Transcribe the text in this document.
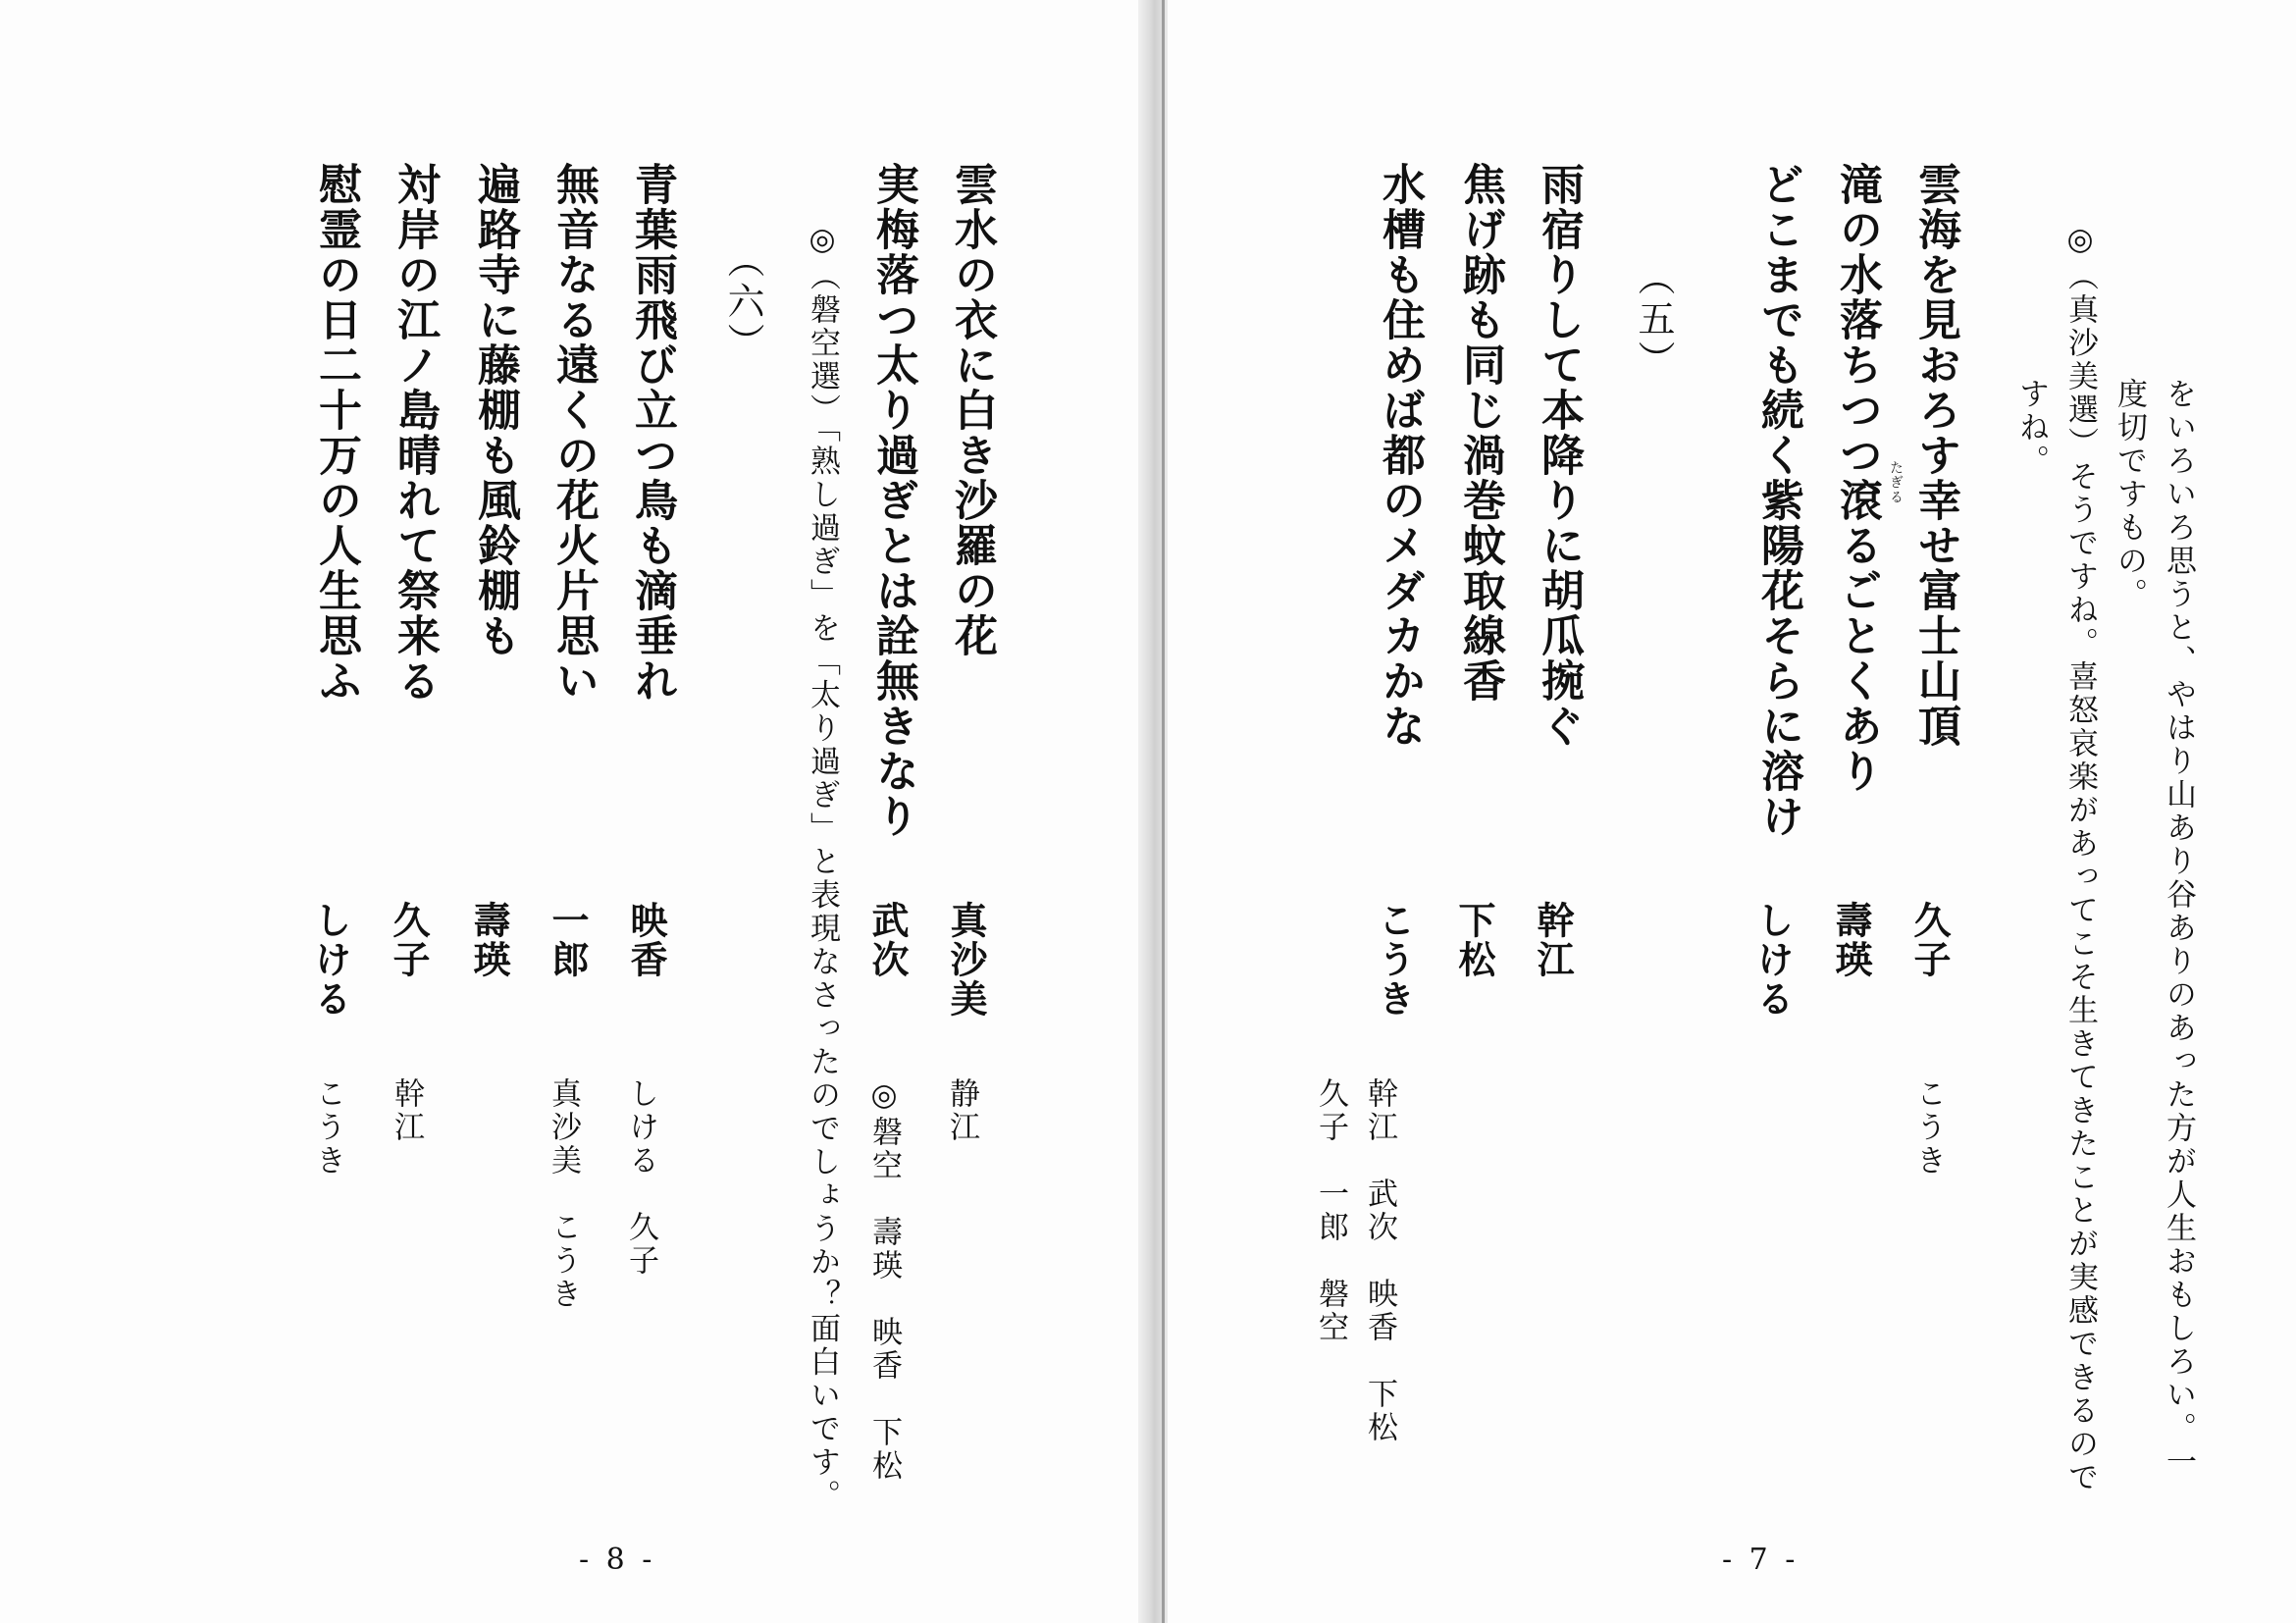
をいろいろ思うと、やはり山あり谷ありのあった方が人生おもしろい。一
度切ですもの。
◎（真沙美選）そうですね。喜怒哀楽があってこそ生きてきたことが実感できるので
すね。
雲海を見おろす幸せ富士山頂
久子
こうき
滝の水落ちつつ滾るごとくあり たぎる
壽瑛
どこまでも続く紫陽花そらに溶け
しける
（五）
雨宿りして本降りに胡瓜捥ぐ
幹江
焦げ跡も同じ渦巻蚊取線香
下松
水槽も住めば都のメダカかな
こうき
幹江　武次　映香　下松
久子　一郎　磐空
- 7 -
雲水の衣に白き沙羅の花
真沙美
静江
実梅落つ太り過ぎとは詮無きなり
武次
◎磐空　壽瑛　映香　下松
◎（磐空選）「熟し過ぎ」を「太り過ぎ」と表現なさったのでしょうか？面白いです。
（六）
青葉雨飛び立つ鳥も滴垂れ
映香
しける　久子
無音なる遠くの花火片思い
一郎
真沙美　こうき
遍路寺に藤棚も風鈴棚も
壽瑛
対岸の江ノ島晴れて祭来る
久子
幹江
慰霊の日二十万の人生思ふ
しける
こうき
- 8 -
